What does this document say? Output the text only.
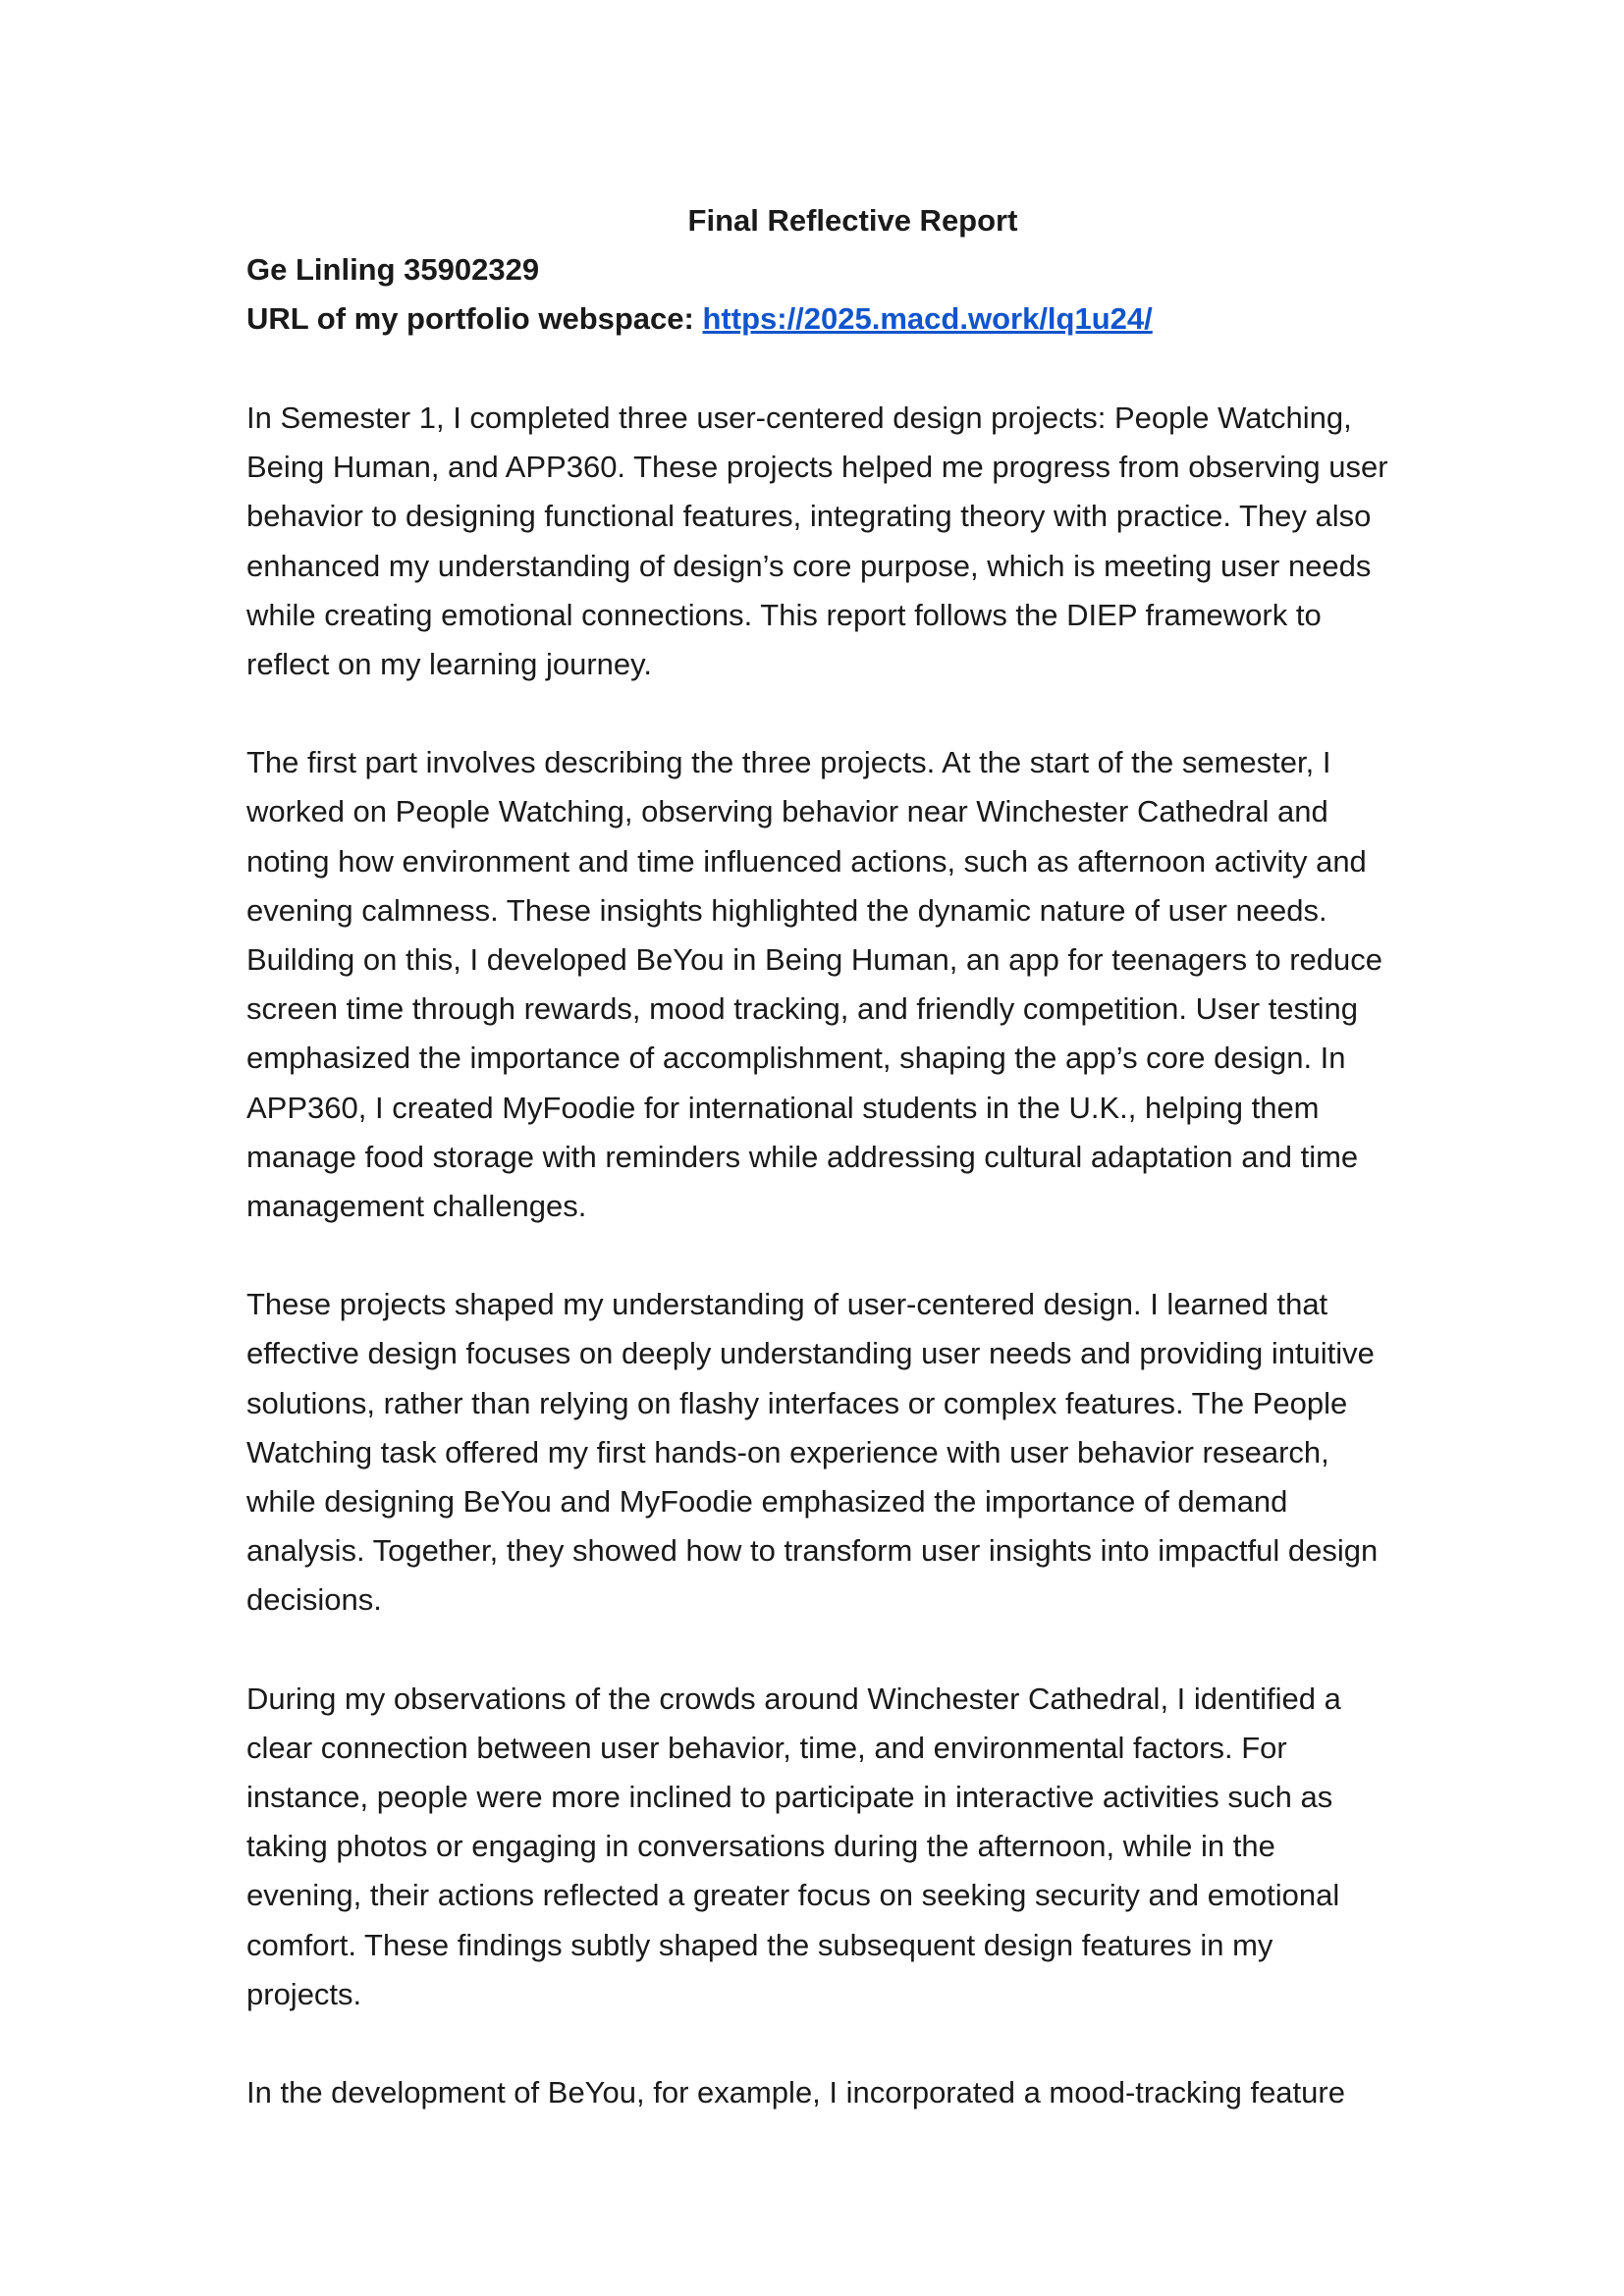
Final Reflective Report

Ge Linling 35902329

URL of my portfolio webspace: https://2025.macd.work/lq1u24/

In Semester 1, I completed three user-centered design projects: People Watching,
Being Human, and APP360. These projects helped me progress from observing user
behavior to designing functional features, integrating theory with practice. They also
enhanced my understanding of design’s core purpose, which is meeting user needs
while creating emotional connections. This report follows the DIEP framework to
reflect on my learning journey.

The first part involves describing the three projects. At the start of the semester, I
worked on People Watching, observing behavior near Winchester Cathedral and
noting how environment and time influenced actions, such as afternoon activity and
evening calmness. These insights highlighted the dynamic nature of user needs.
Building on this, I developed BeYou in Being Human, an app for teenagers to reduce
screen time through rewards, mood tracking, and friendly competition. User testing
emphasized the importance of accomplishment, shaping the app’s core design. In
APP360, I created MyFoodie for international students in the U.K., helping them
manage food storage with reminders while addressing cultural adaptation and time
management challenges.

These projects shaped my understanding of user-centered design. I learned that
effective design focuses on deeply understanding user needs and providing intuitive
solutions, rather than relying on flashy interfaces or complex features. The People
Watching task offered my first hands-on experience with user behavior research,
while designing BeYou and MyFoodie emphasized the importance of demand
analysis. Together, they showed how to transform user insights into impactful design
decisions.

During my observations of the crowds around Winchester Cathedral, I identified a
clear connection between user behavior, time, and environmental factors. For
instance, people were more inclined to participate in interactive activities such as
taking photos or engaging in conversations during the afternoon, while in the
evening, their actions reflected a greater focus on seeking security and emotional
comfort. These findings subtly shaped the subsequent design features in my
projects.

In the development of BeYou, for example, I incorporated a mood-tracking feature
